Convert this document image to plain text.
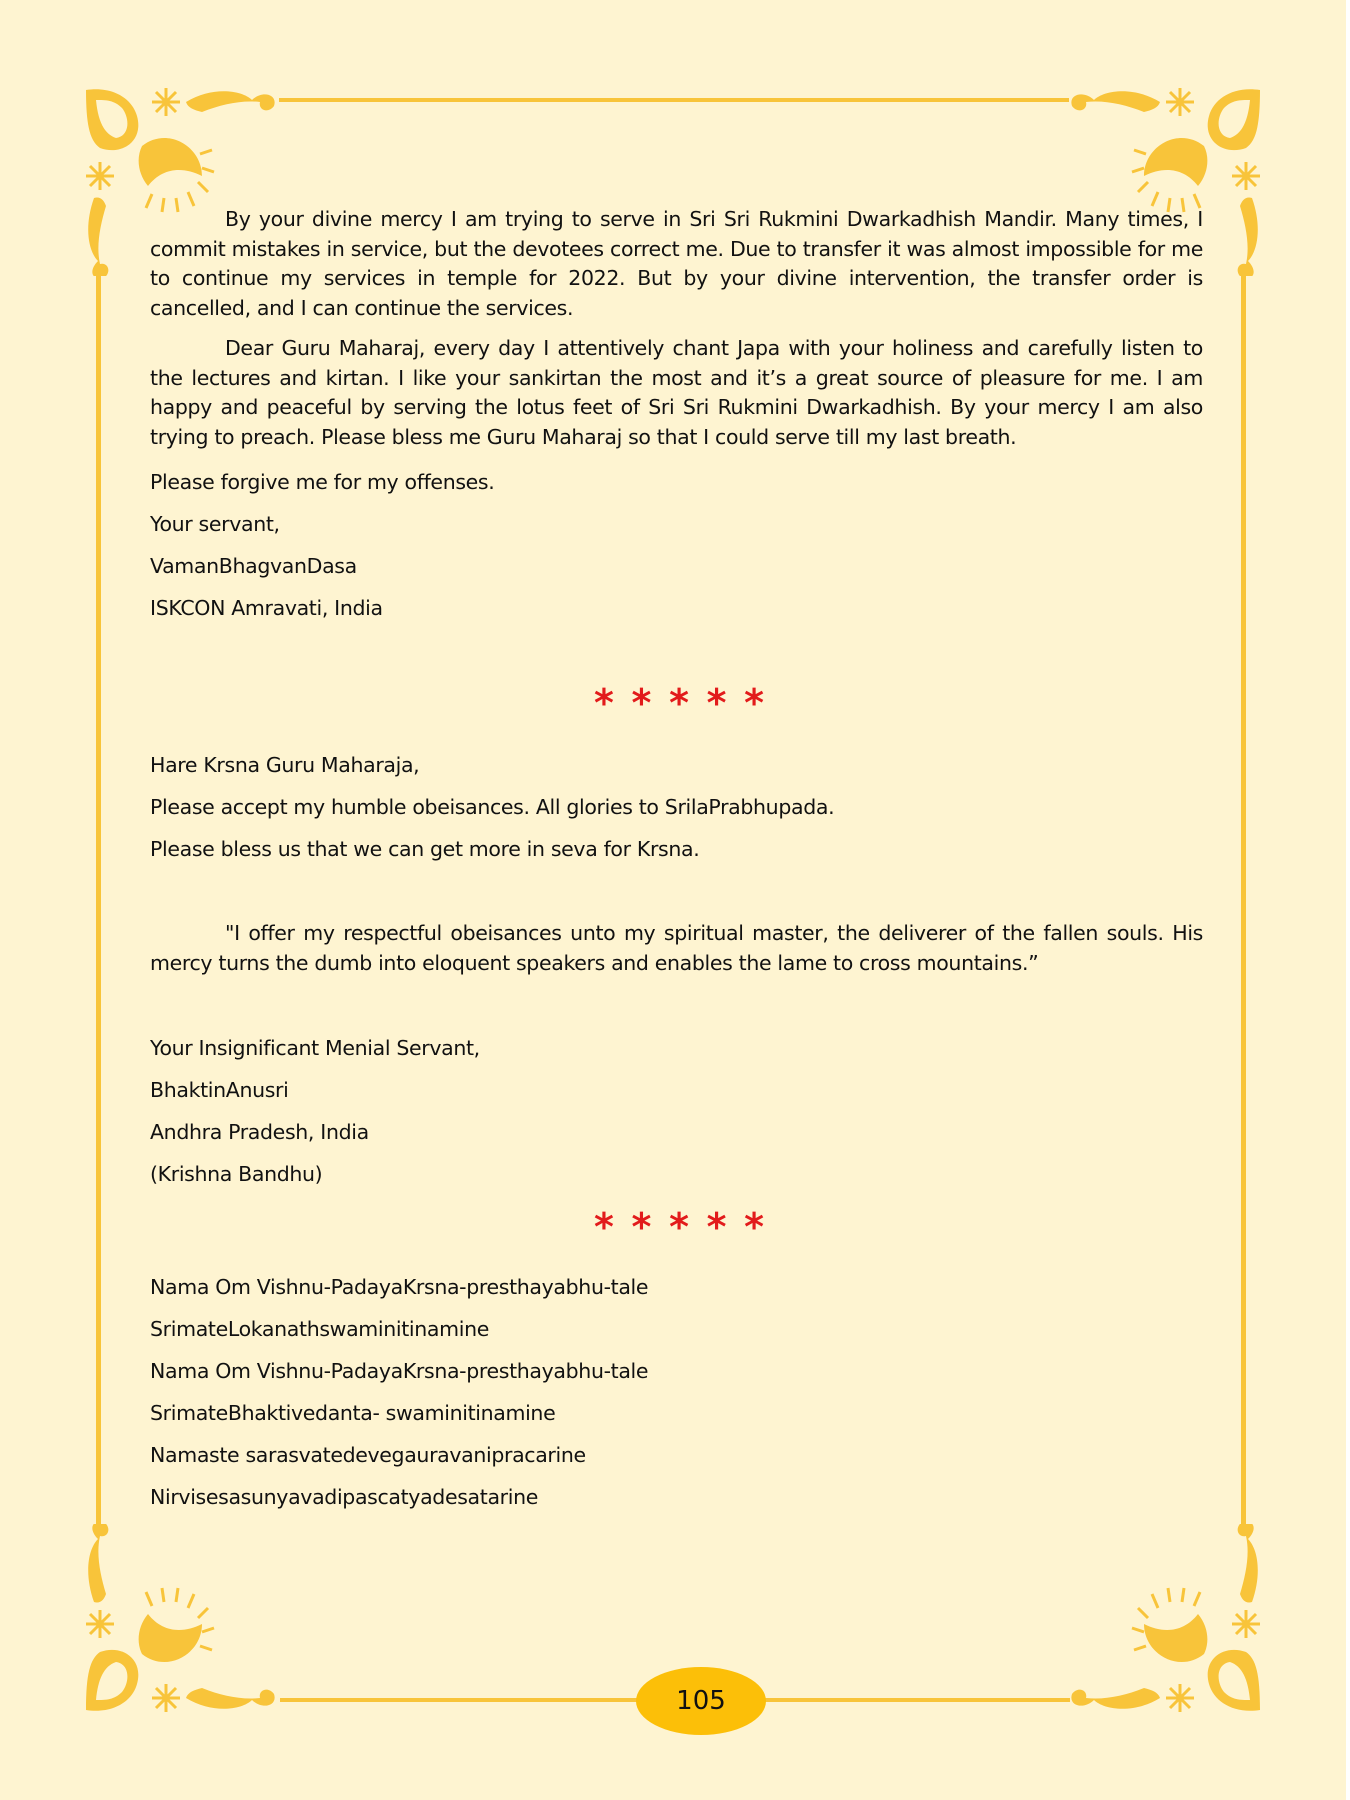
By your divine mercy I am trying to serve in Sri Sri Rukmini Dwarkadhish Mandir. Many times, I commit mistakes in service, but the devotees correct me. Due to transfer it was almost impossible for me to continue my services in temple for 2022. But by your divine intervention, the transfer order is cancelled, and I can continue the services.

Dear Guru Maharaj, every day I attentively chant Japa with your holiness and carefully listen to the lectures and kirtan. I like your sankirtan the most and it’s a great source of pleasure for me. I am happy and peaceful by serving the lotus feet of Sri Sri Rukmini Dwarkadhish. By your mercy I am also trying to preach. Please bless me Guru Maharaj so that I could serve till my last breath.

Please forgive me for my offenses.
Your servant,
VamanBhagvanDasa
ISKCON Amravati, India
* * * * *
Hare Krsna Guru Maharaja,
Please accept my humble obeisances. All glories to SrilaPrabhupada.
Please bless us that we can get more in seva for Krsna.

"I offer my respectful obeisances unto my spiritual master, the deliverer of the fallen souls. His mercy turns the dumb into eloquent speakers and enables the lame to cross mountains.”

Your Insignificant Menial Servant,
BhaktinAnusri
Andhra Pradesh, India
(Krishna Bandhu)
* * * * *
Nama Om Vishnu-PadayaKrsna-presthayabhu-tale
SrimateLokanathswaminitinamine
Nama Om Vishnu-PadayaKrsna-presthayabhu-tale
SrimateBhaktivedanta- swaminitinamine
Namaste sarasvatedevegauravanipracarine
Nirvisesasunyavadipascatyadesatarine
105
